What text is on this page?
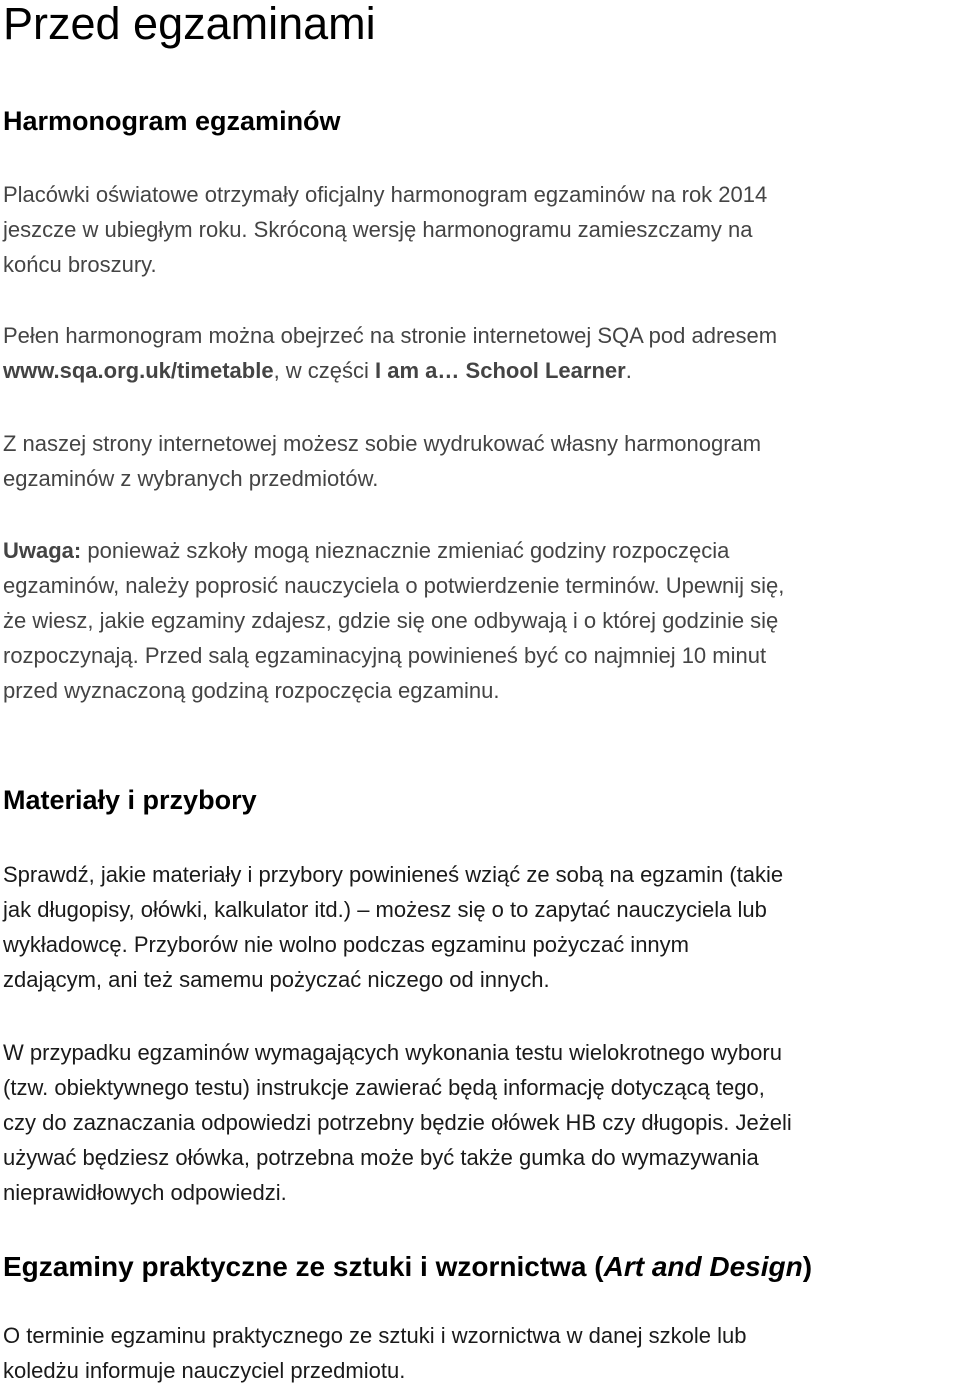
Przed egzaminami
Harmonogram egzaminów
Placówki oświatowe otrzymały oficjalny harmonogram egzaminów na rok 2014
jeszcze w ubiegłym roku. Skróconą wersję harmonogramu zamieszczamy na
końcu broszury.
Pełen harmonogram można obejrzeć na stronie internetowej SQA pod adresem
www.sqa.org.uk/timetable, w części I am a… School Learner.
Z naszej strony internetowej możesz sobie wydrukować własny harmonogram
egzaminów z wybranych przedmiotów.
Uwaga: ponieważ szkoły mogą nieznacznie zmieniać godziny rozpoczęcia
egzaminów, należy poprosić nauczyciela o potwierdzenie terminów. Upewnij się,
że wiesz, jakie egzaminy zdajesz, gdzie się one odbywają i o której godzinie się
rozpoczynają. Przed salą egzaminacyjną powinieneś być co najmniej 10 minut
przed wyznaczoną godziną rozpoczęcia egzaminu.
Materiały i przybory
Sprawdź, jakie materiały i przybory powinieneś wziąć ze sobą na egzamin (takie
jak długopisy, ołówki, kalkulator itd.) – możesz się o to zapytać nauczyciela lub
wykładowcę. Przyborów nie wolno podczas egzaminu pożyczać innym
zdającym, ani też samemu pożyczać niczego od innych.
W przypadku egzaminów wymagających wykonania testu wielokrotnego wyboru
(tzw. obiektywnego testu) instrukcje zawierać będą informację dotyczącą tego,
czy do zaznaczania odpowiedzi potrzebny będzie ołówek HB czy długopis. Jeżeli
używać będziesz ołówka, potrzebna może być także gumka do wymazywania
nieprawidłowych odpowiedzi.
Egzaminy praktyczne ze sztuki i wzornictwa (Art and Design)
O terminie egzaminu praktycznego ze sztuki i wzornictwa w danej szkole lub
koledżu informuje nauczyciel przedmiotu.
